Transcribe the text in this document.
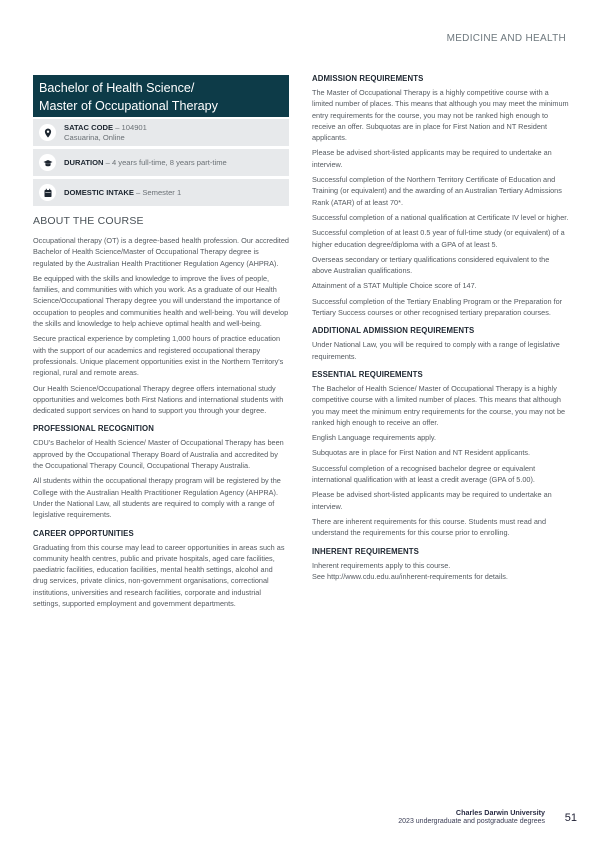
MEDICINE AND HEALTH
Bachelor of Health Science/
Master of Occupational Therapy
SATAC CODE – 104901
Casuarina, Online
DURATION – 4 years full-time, 8 years part-time
DOMESTIC INTAKE – Semester 1
ABOUT THE COURSE

Occupational therapy (OT) is a degree-based health profession. Our accredited Bachelor of Health Science/Master of Occupational Therapy degree is regulated by the Australian Health Practitioner Regulation Agency (AHPRA).

Be equipped with the skills and knowledge to improve the lives of people, families, and communities with which you work. As a graduate of our Health Science/Occupational Therapy degree you will understand the importance of occupation to peoples and communities health and well-being. You will develop the skills and knowledge to help achieve optimal health and well-being.

Secure practical experience by completing 1,000 hours of practice education with the support of our academics and registered occupational therapy professionals. Unique placement opportunities exist in the Northern Territory's regional, rural and remote areas.

Our Health Science/Occupational Therapy degree offers international study opportunities and welcomes both First Nations and international students with dedicated support services on hand to support you through your degree.

PROFESSIONAL RECOGNITION

CDU's Bachelor of Health Science/ Master of Occupational Therapy has been approved by the Occupational Therapy Board of Australia and accredited by the Occupational Therapy Council, Occupational Therapy Australia.

All students within the occupational therapy program will be registered by the College with the Australian Health Practitioner Regulation Agency (AHPRA). Under the National Law, all students are required to comply with a range of legislative requirements.

CAREER OPPORTUNITIES

Graduating from this course may lead to career opportunities in areas such as community health centres, public and private hospitals, aged care facilities, paediatric facilities, education facilities, mental health settings, alcohol and drug services, private clinics, non-government organisations, correctional institutions, universities and research facilities, corporate and industrial settings, supported employment and government departments.

ADMISSION REQUIREMENTS

The Master of Occupational Therapy is a highly competitive course with a limited number of places. This means that although you may meet the minimum entry requirements for the course, you may not be ranked high enough to receive an offer. Subquotas are in place for First Nation and NT Resident applicants.

Please be advised short-listed applicants may be required to undertake an interview.

Successful completion of the Northern Territory Certificate of Education and Training (or equivalent) and the awarding of an Australian Tertiary Admissions Rank (ATAR) of at least 70*.

Successful completion of a national qualification at Certificate IV level or higher.

Successful completion of at least 0.5 year of full-time study (or equivalent) of a higher education degree/diploma with a GPA of at least 5.

Overseas secondary or tertiary qualifications considered equivalent to the above Australian qualifications.

Attainment of a STAT Multiple Choice score of 147.

Successful completion of the Tertiary Enabling Program or the Preparation for Tertiary Success courses or other recognised tertiary preparation courses.

ADDITIONAL ADMISSION REQUIREMENTS

Under National Law, you will be required to comply with a range of legislative requirements.

ESSENTIAL REQUIREMENTS

The Bachelor of Health Science/ Master of Occupational Therapy is a highly competitive course with a limited number of places. This means that although you may meet the minimum entry requirements for the course, you may not be ranked high enough to receive an offer.

English Language requirements apply.

Subquotas are in place for First Nation and NT Resident applicants.

Successful completion of a recognised bachelor degree or equivalent international qualification with at least a credit average (GPA of 5.00).

Please be advised short-listed applicants may be required to undertake an interview.

There are inherent requirements for this course. Students must read and understand the requirements for this course prior to enrolling.

INHERENT REQUIREMENTS

Inherent requirements apply to this course.
See http://www.cdu.edu.au/inherent-requirements for details.

Charles Darwin University
2023 undergraduate and postgraduate degrees 51
